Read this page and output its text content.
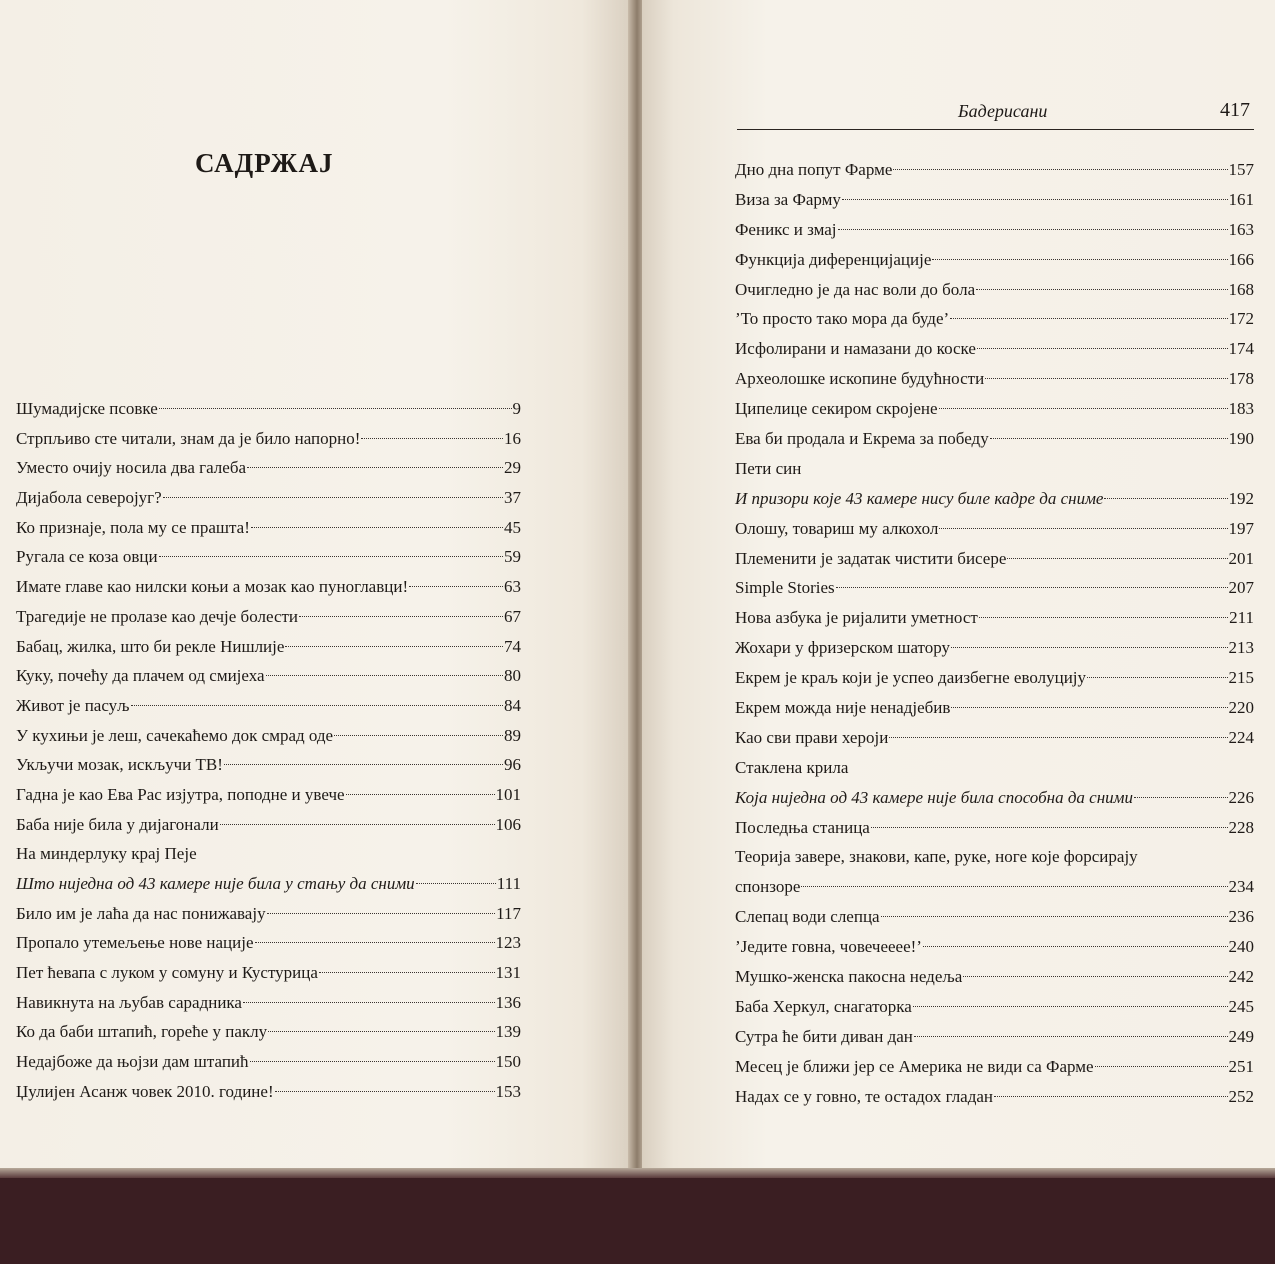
САДРЖАЈ
Шумадијске псовке	9
Стрпљиво сте читали, знам да је било напорно!	16
Уместо очију носила два галеба	29
Дијабола северојуг?	37
Ко признаје, пола му се прашта!	45
Ругала се коза овци	59
Имате главе као нилски коњи а мозак као пуноглавци!	63
Трагедије не пролазе као дечје болести	67
Бабац, жилка, што би рекле Нишлије	74
Куку, почећу да плачем од смијеха	80
Живот је пасуљ	84
У кухињи је леш, сачекаћемо док смрад оде	89
Укључи мозак, искључи ТВ!	96
Гадна је као Ева Рас изјутра, поподне и увече	101
Баба није била у дијагонали	106
На миндерлуку крај Пеје
Што ниједна од 43 камере није била у стању да сними	111
Било им је лаћа да нас понижавају	117
Пропало утемељење нове нације	123
Пет ћевапа с луком у сомуну и Кустурица	131
Навикнута на љубав сарадника	136
Ко да баби штапић, гореће у паклу	139
Недајбоже да њојзи дам штапић	150
Џулијен Асанж човек 2010. године!	153
Бадерисани	417
Дно дна попут Фарме	157
Виза за Фарму	161
Феникс и змај	163
Функција диференцијације	166
Очигледно је да нас воли до бола	168
’То просто тако мора да буде’	172
Исфолирани и намазани до коске	174
Археолошке ископине будућности	178
Ципелице секиром скројене	183
Ева би продала и Екрема за победу	190
Пети син
И призори које 43 камере нису биле кадре да сниме	192
Олошу, товариш му алкохол	197
Племенити је задатак чистити бисере	201
Simple Stories	207
Нова азбука је ријалити уметност	211
Жохари у фризерском шатору	213
Екрем је краљ који је успео даизбегне еволуцију	215
Екрем можда није ненадјебив	220
Као сви прави хероји	224
Стаклена крила
Која ниједна од 43 камере није била способна да сними	226
Последња станица	228
Теорија завере, знакови, капе, руке, ноге које форсирају
спонзоре	234
Слепац води слепца	236
’Једите говна, човечееее!’	240
Мушко-женска пакосна недеља	242
Баба Херкул, снагаторка	245
Сутра ће бити диван дан	249
Месец је ближи јер се Америка не види са Фарме	251
Надах се у говно, те остадох гладан	252
